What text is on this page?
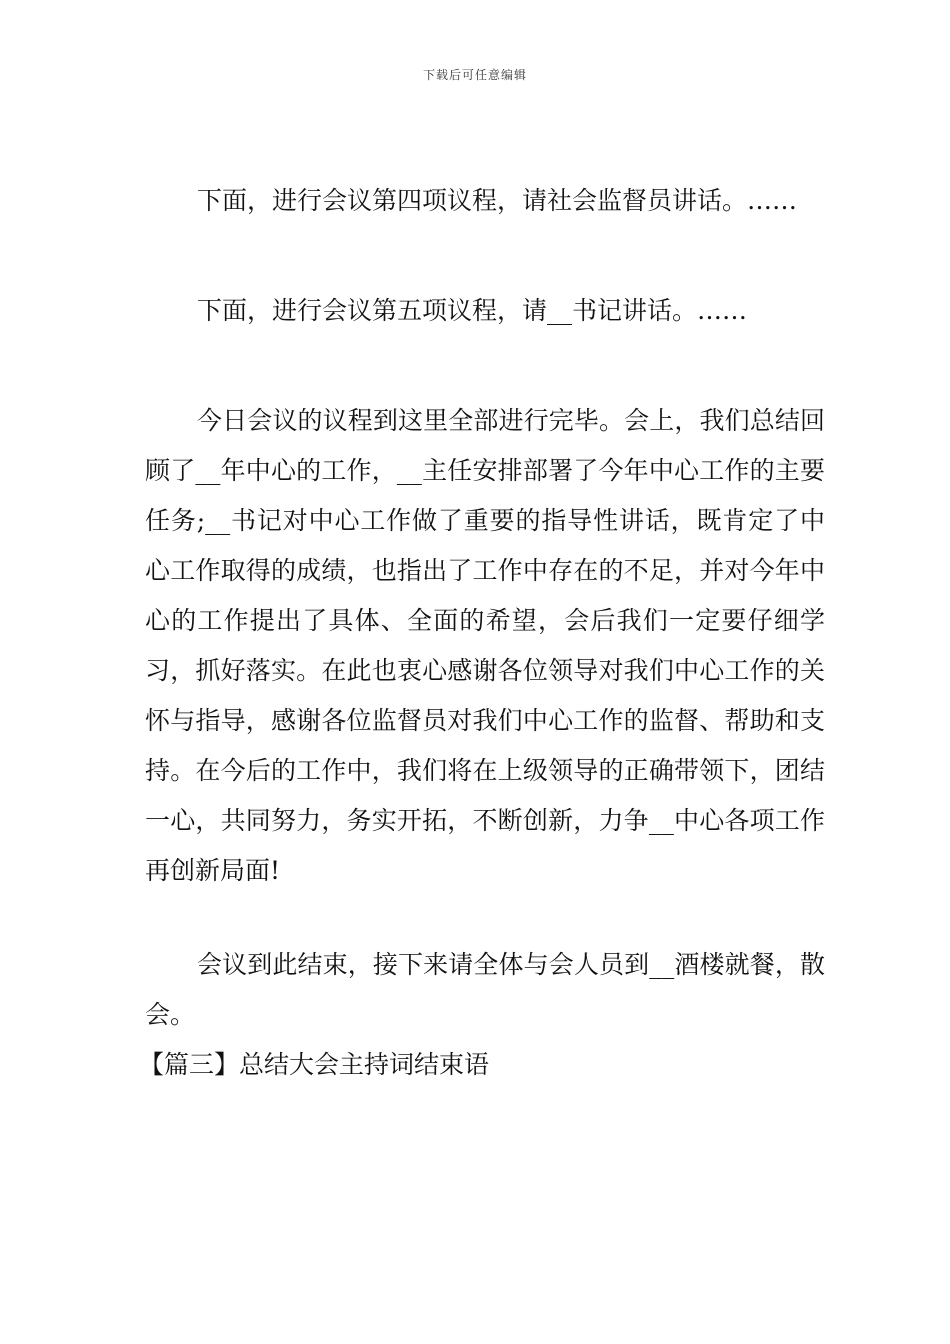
下载后可任意编辑

下面，进行会议第四项议程，请社会监督员讲话。……

下面，进行会议第五项议程，请__书记讲话。……

今日会议的议程到这里全部进行完毕。会上，我们总结回顾了__年中心的工作，__主任安排部署了今年中心工作的主要任务;__书记对中心工作做了重要的指导性讲话，既肯定了中心工作取得的成绩，也指出了工作中存在的不足，并对今年中心的工作提出了具体、全面的希望，会后我们一定要仔细学习，抓好落实。在此也衷心感谢各位领导对我们中心工作的关怀与指导，感谢各位监督员对我们中心工作的监督、帮助和支持。在今后的工作中，我们将在上级领导的正确带领下，团结一心，共同努力，务实开拓，不断创新，力争__中心各项工作再创新局面!

会议到此结束，接下来请全体与会人员到__酒楼就餐，散会。

【篇三】总结大会主持词结束语
